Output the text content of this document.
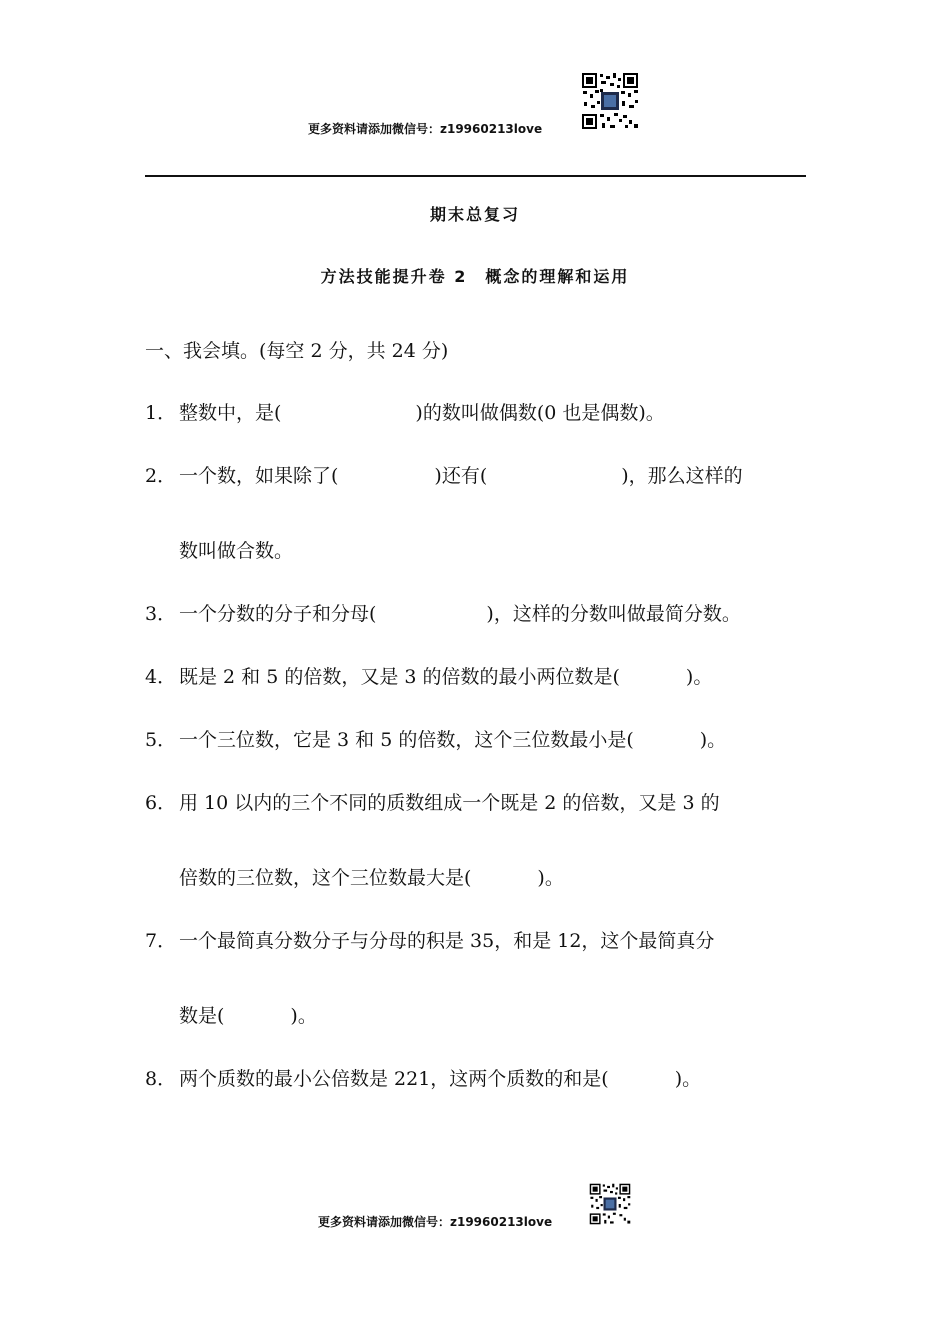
更多资料请添加微信号：z19960213love
期末总复习
方法技能提升卷 2　概念的理解和运用
一、我会填。(每空 2 分，共 24 分)
1． 整数中，是(	)的数叫做偶数(0 也是偶数)。
2． 一个数，如果除了(	)还有(	)，那么这样的
数叫做合数。
3． 一个分数的分子和分母(	)，这样的分数叫做最简分数。
4． 既是 2 和 5 的倍数，又是 3 的倍数的最小两位数是(	)。
5． 一个三位数，它是 3 和 5 的倍数，这个三位数最小是(	)。
6． 用 10 以内的三个不同的质数组成一个既是 2 的倍数，又是 3 的
倍数的三位数，这个三位数最大是(	)。
7． 一个最简真分数分子与分母的积是 35，和是 12，这个最简真分
数是(	)。
8． 两个质数的最小公倍数是 221，这两个质数的和是(	)。
更多资料请添加微信号：z19960213love
